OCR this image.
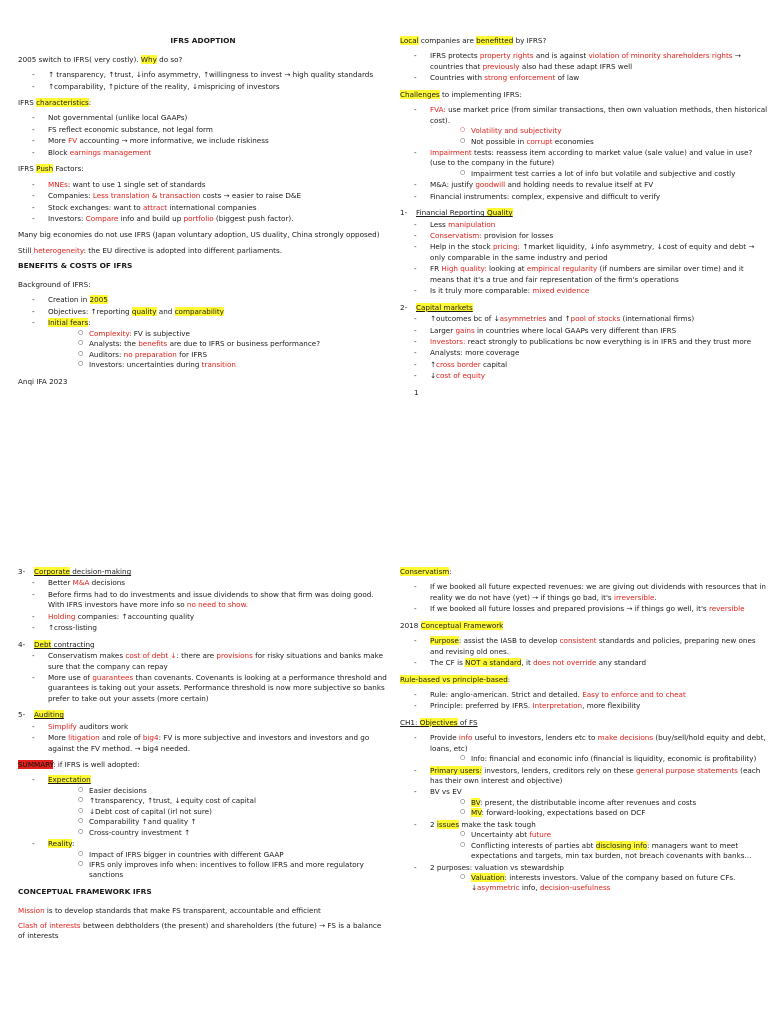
IFRS ADOPTION

2005 switch to IFRS( very costly). Why do so?

- ↑ transparency, ↑trust, ↓info asymmetry, ↑willingness to invest → high quality standards
- ↑comparability, ↑picture of the reality, ↓mispricing of investors

IFRS characteristics:

- Not governmental (unlike local GAAPs)
- FS reflect economic substance, not legal form
- More FV accounting → more informative, we include riskiness
- Block earnings management

IFRS Push Factors:

- MNEs: want to use 1 single set of standards
- Companies: Less translation & transaction costs → easier to raise D&E
- Stock exchanges: want to attract international companies
- Investors: Compare info and build up portfolio (biggest push factor).

Many big economies do not use IFRS (Japan voluntary adoption, US duality, China strongly opposed)

Still heterogeneity: the EU directive is adopted into different parliaments.

BENEFITS & COSTS OF IFRS

Background of IFRS:

- Creation in 2005
- Objectives: ↑reporting quality and comparability
- Initial fears:
○ Complexity: FV is subjective
○ Analysts: the benefits are due to IFRS or business performance?
○ Auditors: no preparation for IFRS
○ Investors: uncertainties during transition

Anqi IFA 2023

Local companies are benefitted by IFRS?

- IFRS protects property rights and is against violation of minority shareholders rights → countries that previously also had these adapt IFRS well
- Countries with strong enforcement of law

Challenges to implementing IFRS:

- FVA: use market price (from similar transactions, then own valuation methods, then historical cost).
○ Volatility and subjectivity
○ Not possible in corrupt economies
- Impairment tests: reassess item according to market value (sale value) and value in use? (use to the company in the future)
○ Impairment test carries a lot of info but volatile and subjective and costly
- M&A: justify goodwill and holding needs to revalue itself at FV
- Financial instruments: complex, expensive and difficult to verify

1- Financial Reporting Quality

- Less manipulation
- Conservatism: provision for losses
- Help in the stock pricing: ↑market liquidity, ↓info asymmetry, ↓cost of equity and debt → only comparable in the same industry and period
- FR High quality: looking at empirical regularity (if numbers are similar over time) and it means that it's a true and fair representation of the firm's operations
- Is it truly more comparable: mixed evidence

2- Capital markets

- ↑outcomes bc of ↓asymmetries and ↑pool of stocks (international firms)
- Larger gains in countries where local GAAPs very different than IFRS
- Investors: react strongly to publications bc now everything is in IFRS and they trust more
- Analysts: more coverage
- ↑cross border capital
- ↓cost of equity

1

3- Corporate decision-making

- Better M&A decisions
- Before firms had to do investments and issue dividends to show that firm was doing good. With IFRS investors have more info so no need to show.
- Holding companies: ↑accounting quality
- ↑cross-listing

4- Debt contracting

- Conservatism makes cost of debt ↓: there are provisions for risky situations and banks make sure that the company can repay
- More use of guarantees than covenants. Covenants is looking at a performance threshold and guarantees is taking out your assets. Performance threshold is now more subjective so banks prefer to take out your assets (more certain)

5- Auditing

- Simplify auditors work
- More litigation and role of big4: FV is more subjective and investors and investors and go against the FV method. → big4 needed.

SUMMARY: if IFRS is well adopted:

- Expectation
○ Easier decisions
○ ↑transparency, ↑trust, ↓equity cost of capital
○ ↓Debt cost of capital (irl not sure)
○ Comparability ↑and quality ↑
○ Cross-country investment ↑
- Reality:
○ Impact of IFRS bigger in countries with different GAAP
○ IFRS only improves info when: incentives to follow IFRS and more regulatory sanctions

CONCEPTUAL FRAMEWORK IFRS

Mission is to develop standards that make FS transparent, accountable and efficient

Clash of interests between debtholders (the present) and shareholders (the future) → FS is a balance of interests

Conservatism:

- If we booked all future expected revenues: we are giving out dividends with resources that in reality we do not have (yet) → if things go bad, it's irreversible.
- If we booked all future losses and prepared provisions → if things go well, it's reversible

2018 Conceptual Framework

- Purpose: assist the IASB to develop consistent standards and policies, preparing new ones and revising old ones.
- The CF is NOT a standard, it does not override any standard

Rule-based vs principle-based:

- Rule: anglo-american. Strict and detailed. Easy to enforce and to cheat
- Principle: preferred by IFRS. Interpretation, more flexibility

CH1: Objectives of FS

- Provide info useful to investors, lenders etc to make decisions (buy/sell/hold equity and debt, loans, etc)
○ Info: financial and economic info (financial is liquidity, economic is profitability)
- Primary users: investors, lenders, creditors rely on these general purpose statements (each has their own interest and objective)
- BV vs EV
○ BV: present, the distributable income after revenues and costs
○ MV: forward-looking, expectations based on DCF
- 2 issues make the task tough
○ Uncertainty abt future
○ Conflicting interests of parties abt disclosing info: managers want to meet expectations and targets, min tax burden, not breach covenants with banks...
- 2 purposes: valuation vs stewardship
○ Valuation: interests investors. Value of the company based on future CFs. ↓asymmetric info, decision-usefulness
